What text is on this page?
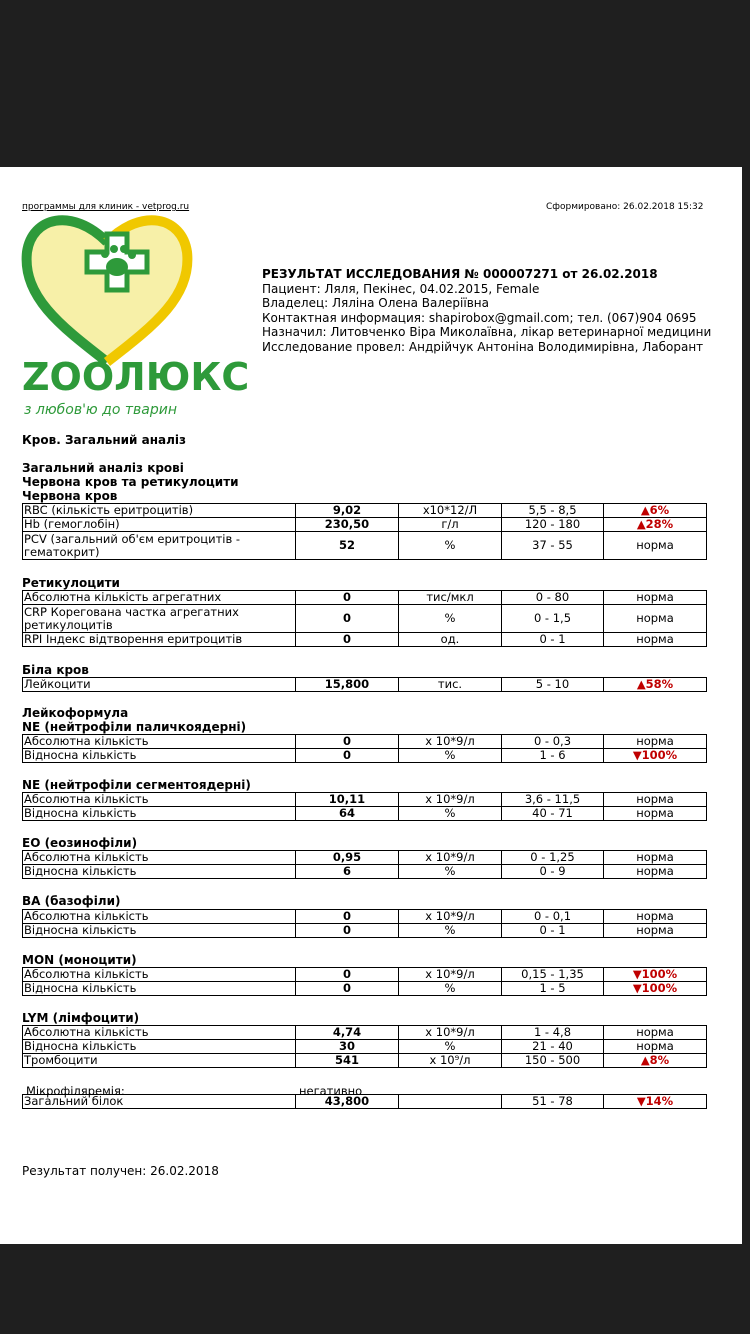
программы для клиник - vetprog.ru	Сформировано: 26.02.2018 15:32
ZООЛЮКС
з любов'ю до тварин
РЕЗУЛЬТАТ ИССЛЕДОВАНИЯ № 000007271 от 26.02.2018
Пациент: Ляля, Пекінес, 04.02.2015, Female
Владелец: Ляліна Олена Валеріївна
Контактная информация: shapirobox@gmail.com; тел. (067)904 0695
Назначил: Литовченко Віра Миколаївна, лікар ветеринарної медицини
Исследование провел: Андрійчук Антоніна Володимирівна, Лаборант
Кров. Загальний аналіз
Загальний аналіз крові
Червона кров та ретикулоцити
Червона кров
RBC (кількість еритроцитів)	9,02	x10*12/Л	5,5 - 8,5	▲6%
Hb (гемоглобін)	230,50	г/л	120 - 180	▲28%
PCV (загальний об'єм еритроцитів - гематокрит)	52	%	37 - 55	норма
Ретикулоцити
Абсолютна кількість агрегатних	0	тис/мкл	0 - 80	норма
CRP Корегована частка агрегатних ретикулоцитів	0	%	0 - 1,5	норма
RPI Індекс відтворення еритроцитів	0	од.	0 - 1	норма
Біла кров
Лейкоцити	15,800	тис.	5 - 10	▲58%
Лейкоформула
NE (нейтрофіли паличкоядерні)
Абсолютна кількість	0	x 10*9/л	0 - 0,3	норма
Відносна кількість	0	%	1 - 6	▼100%
NE (нейтрофіли сегментоядерні)
Абсолютна кількість	10,11	x 10*9/л	3,6 - 11,5	норма
Відносна кількість	64	%	40 - 71	норма
EO (еозинофіли)
Абсолютна кількість	0,95	x 10*9/л	0 - 1,25	норма
Відносна кількість	6	%	0 - 9	норма
BA (базофіли)
Абсолютна кількість	0	x 10*9/л	0 - 0,1	норма
Відносна кількість	0	%	0 - 1	норма
MON (моноцити)
Абсолютна кількість	0	x 10*9/л	0,15 - 1,35	▼100%
Відносна кількість	0	%	1 - 5	▼100%
LYM (лімфоцити)
Абсолютна кількість	4,74	x 10*9/л	1 - 4,8	норма
Відносна кількість	30	%	21 - 40	норма
Тромбоцити	541	x 10⁹/л	150 - 500	▲8%
Мікрофіляремія:	негативно
Загальний білок	43,800		51 - 78	▼14%
Результат получен: 26.02.2018
